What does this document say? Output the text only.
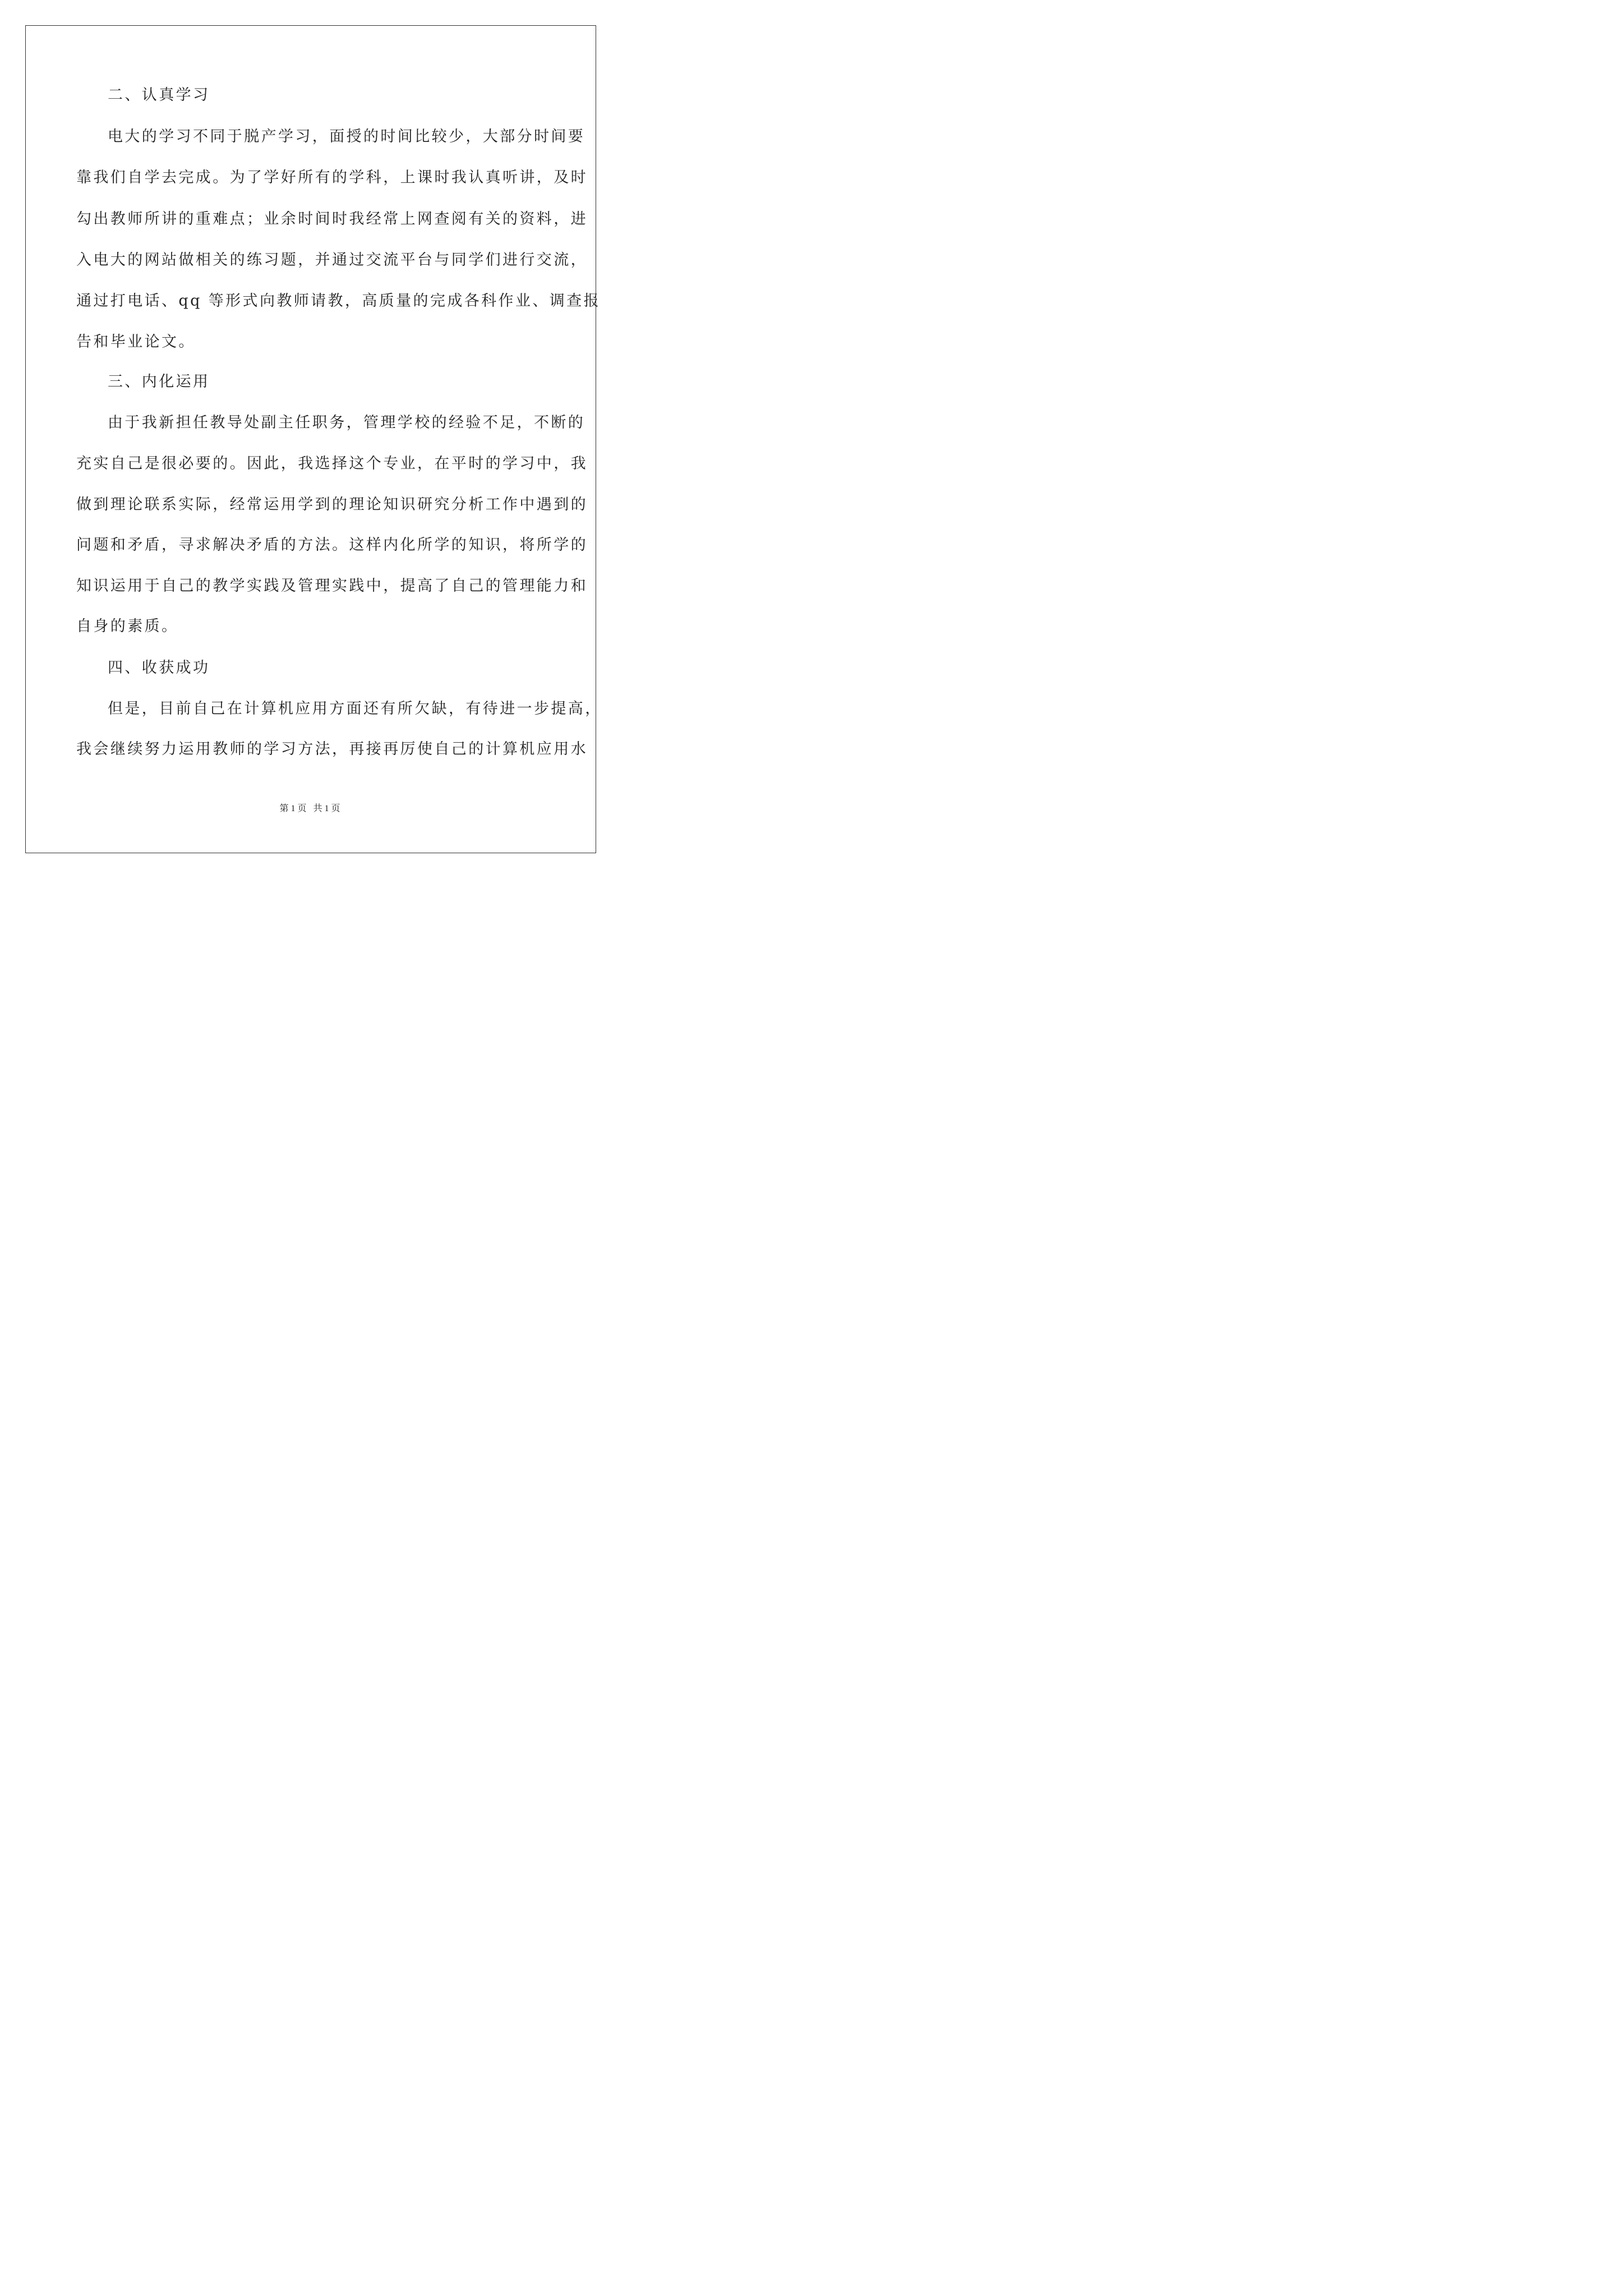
二、认真学习
电大的学习不同于脱产学习，面授的时间比较少，大部分时间要
靠我们自学去完成。为了学好所有的学科，上课时我认真听讲，及时
勾出教师所讲的重难点；业余时间时我经常上网查阅有关的资料，进
入电大的网站做相关的练习题，并通过交流平台与同学们进行交流，
通过打电话、qq 等形式向教师请教，高质量的完成各科作业、调查报
告和毕业论文。
三、内化运用
由于我新担任教导处副主任职务，管理学校的经验不足，不断的
充实自己是很必要的。因此，我选择这个专业，在平时的学习中，我
做到理论联系实际，经常运用学到的理论知识研究分析工作中遇到的
问题和矛盾，寻求解决矛盾的方法。这样内化所学的知识，将所学的
知识运用于自己的教学实践及管理实践中，提高了自己的管理能力和
自身的素质。
四、收获成功
但是，目前自己在计算机应用方面还有所欠缺，有待进一步提高，
我会继续努力运用教师的学习方法，再接再厉使自己的计算机应用水
第 1 页 共 1 页
